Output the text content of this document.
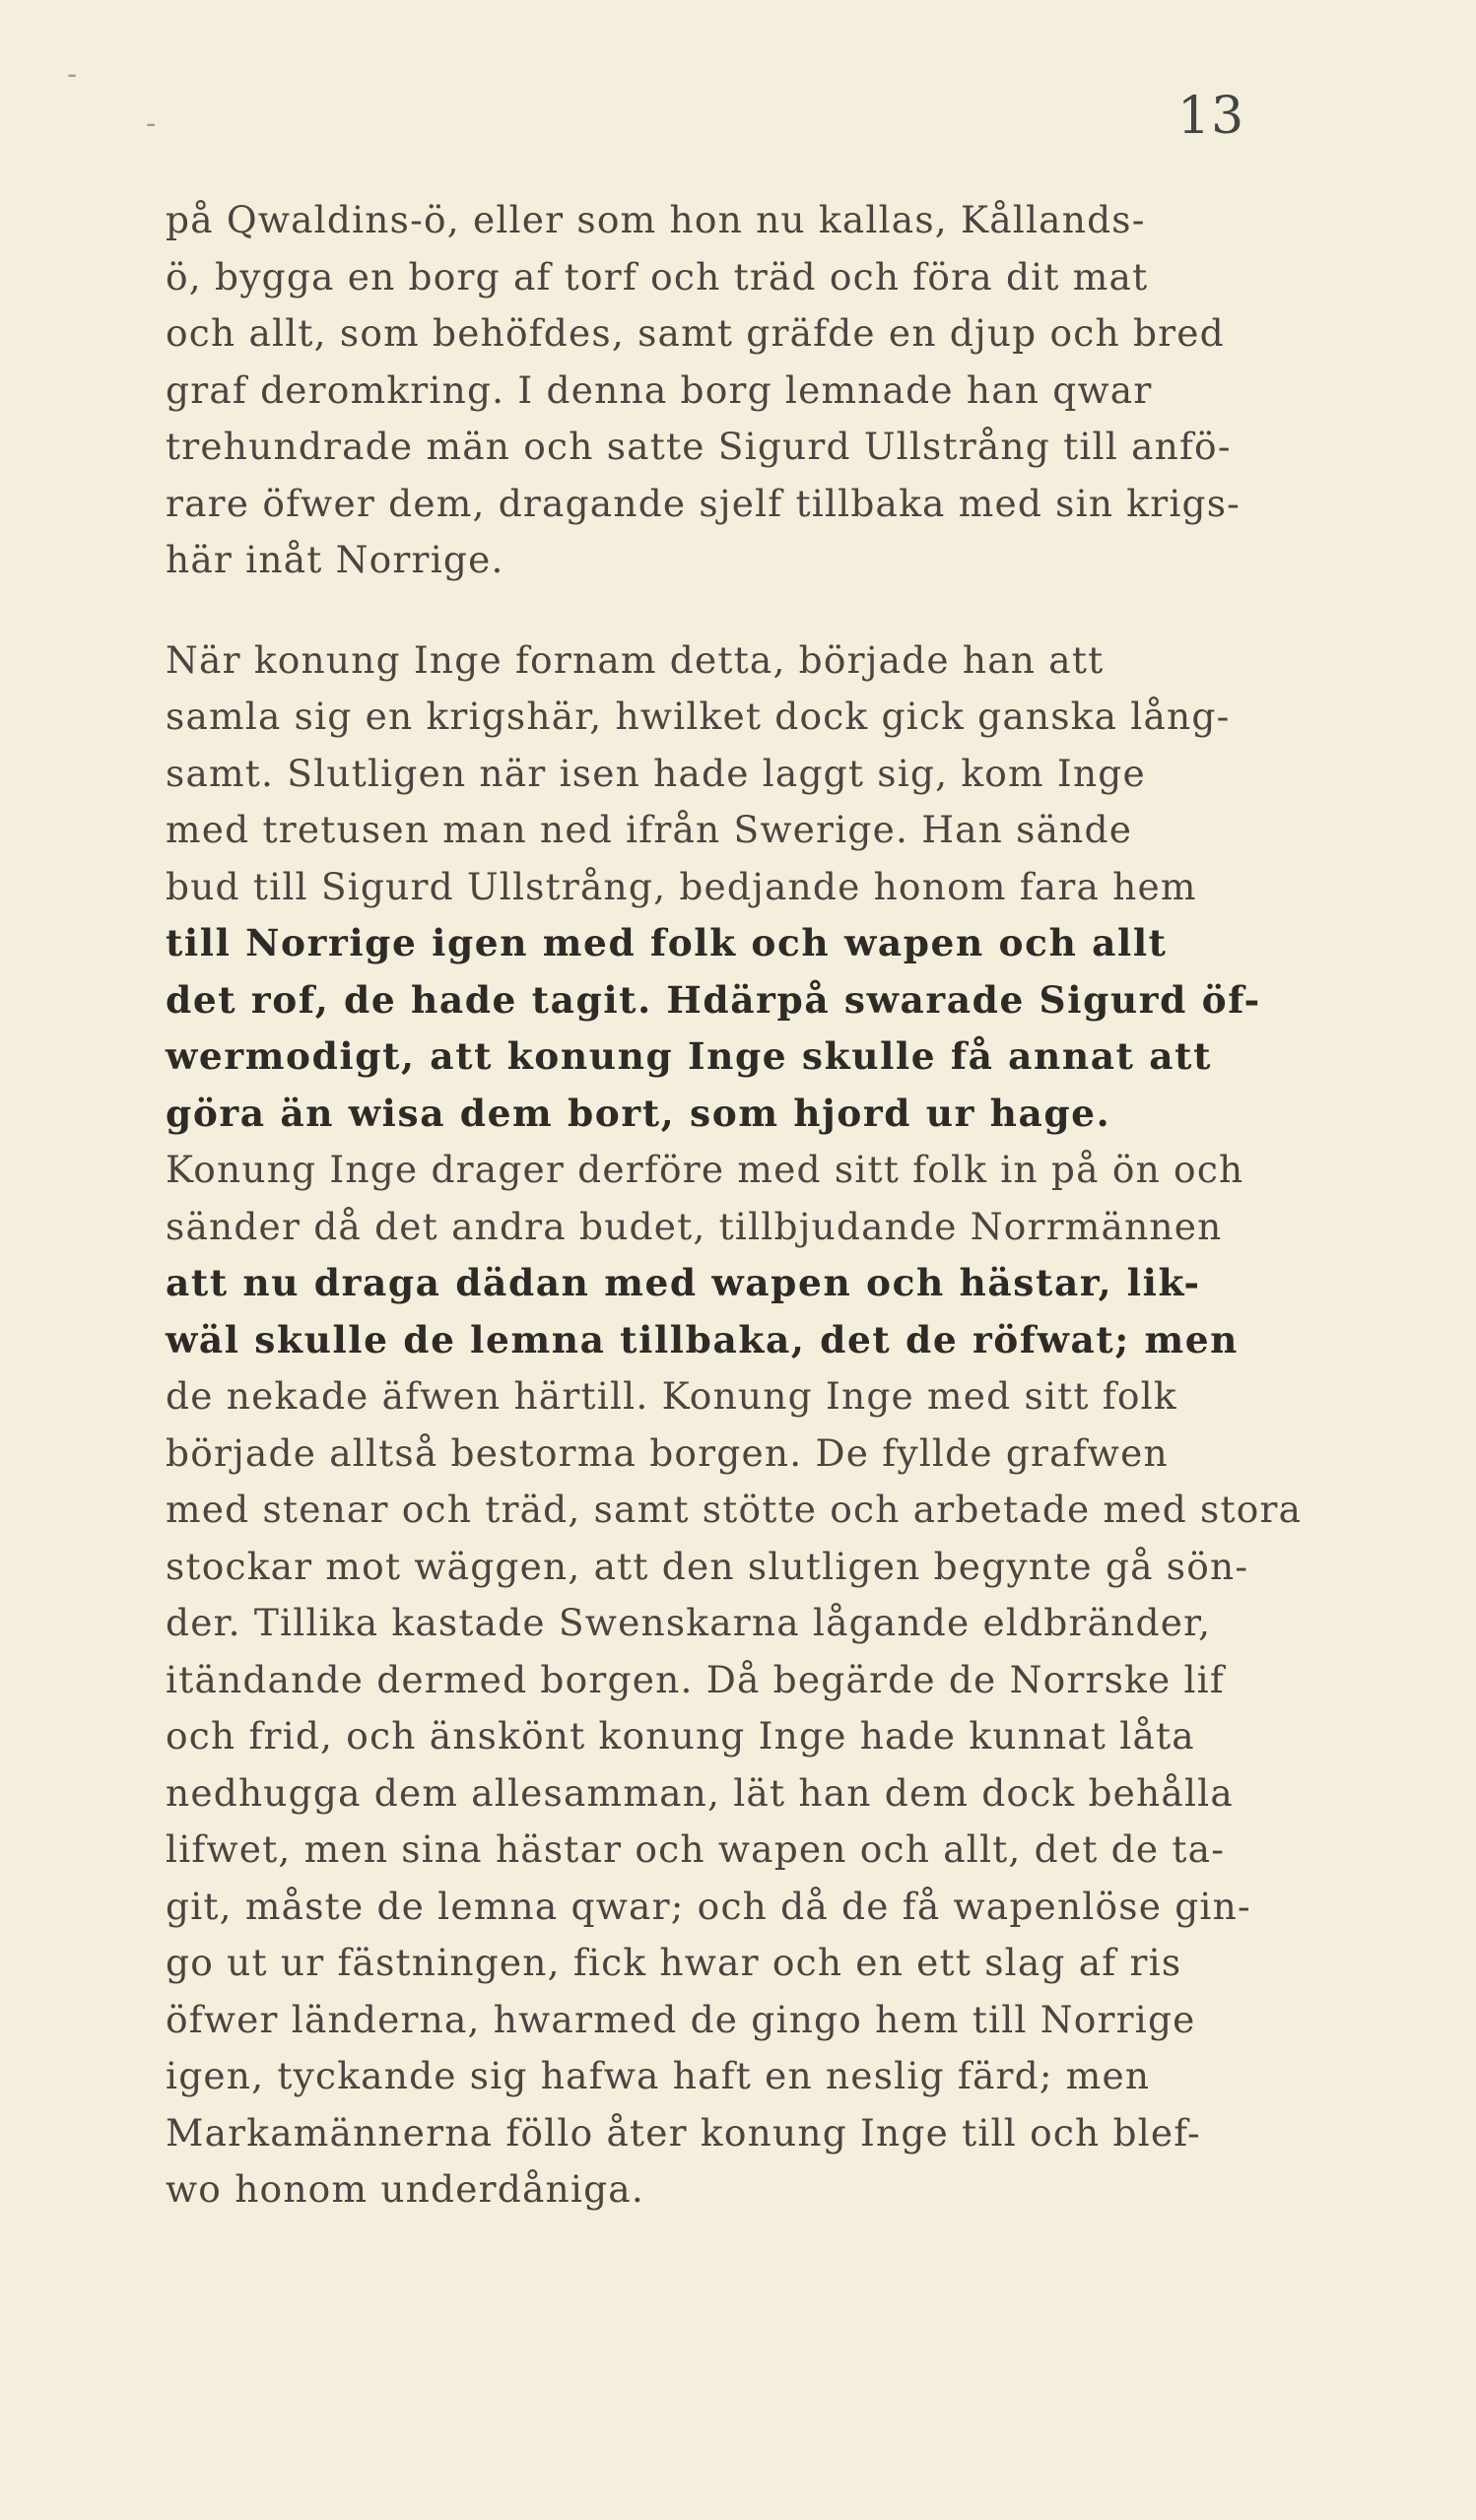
-
-	13
på Qwaldins-ö, eller som hon nu kallas, Kållands-
ö, bygga en borg af torf och träd och föra dit mat
och allt, som behöfdes, samt gräfde en djup och bred
graf deromkring. I denna borg lemnade han qwar
trehundrade män och satte Sigurd Ullstrång till anfö-
rare öfwer dem, dragande sjelf tillbaka med sin krigs-
här inåt Norrige.
När konung Inge fornam detta, började han att
samla sig en krigshär, hwilket dock gick ganska lång-
samt. Slutligen när isen hade laggt sig, kom Inge
med tretusen man ned ifrån Swerige. Han sände
bud till Sigurd Ullstrång, bedjande honom fara hem
till Norrige igen med folk och wapen och allt
det rof, de hade tagit. Hdärpå swarade Sigurd öf-
wermodigt, att konung Inge skulle få annat att
göra än wisa dem bort, som hjord ur hage.
Konung Inge drager derföre med sitt folk in på ön och
sänder då det andra budet, tillbjudande Norrmännen
att nu draga dädan med wapen och hästar, lik-
wäl skulle de lemna tillbaka, det de röfwat; men
de nekade äfwen härtill. Konung Inge med sitt folk
började alltså bestorma borgen. De fyllde grafwen
med stenar och träd, samt stötte och arbetade med stora
stockar mot wäggen, att den slutligen begynte gå sön-
der. Tillika kastade Swenskarna lågande eldbränder,
itändande dermed borgen. Då begärde de Norrske lif
och frid, och änskönt konung Inge hade kunnat låta
nedhugga dem allesamman, lät han dem dock behålla
lifwet, men sina hästar och wapen och allt, det de ta-
git, måste de lemna qwar; och då de få wapenlöse gin-
go ut ur fästningen, fick hwar och en ett slag af ris
öfwer länderna, hwarmed de gingo hem till Norrige
igen, tyckande sig hafwa haft en neslig färd; men
Markamännerna föllo åter konung Inge till och blef-
wo honom underdåniga.
